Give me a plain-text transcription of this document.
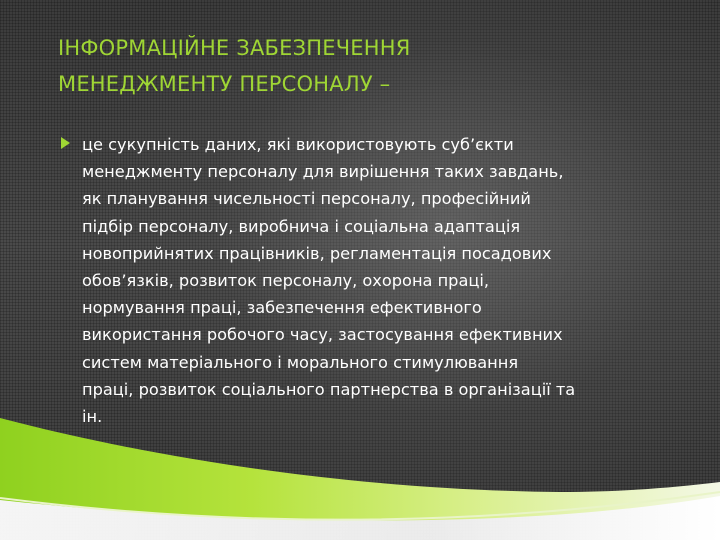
ІНФОРМАЦІЙНЕ ЗАБЕЗПЕЧЕННЯ
МЕНЕДЖМЕНТУ ПЕРСОНАЛУ –

це сукупність даних, які використовують суб’єкти
менеджменту персоналу для вирішення таких завдань,
як планування чисельності персоналу, професійний
підбір персоналу, виробнича і соціальна адаптація
новоприйнятих працівників, регламентація посадових
обов’язків, розвиток персоналу, охорона праці,
нормування праці, забезпечення ефективного
використання робочого часу, застосування ефективних
систем матеріального і морального стимулювання
праці, розвиток соціального партнерства в організації та
ін.
